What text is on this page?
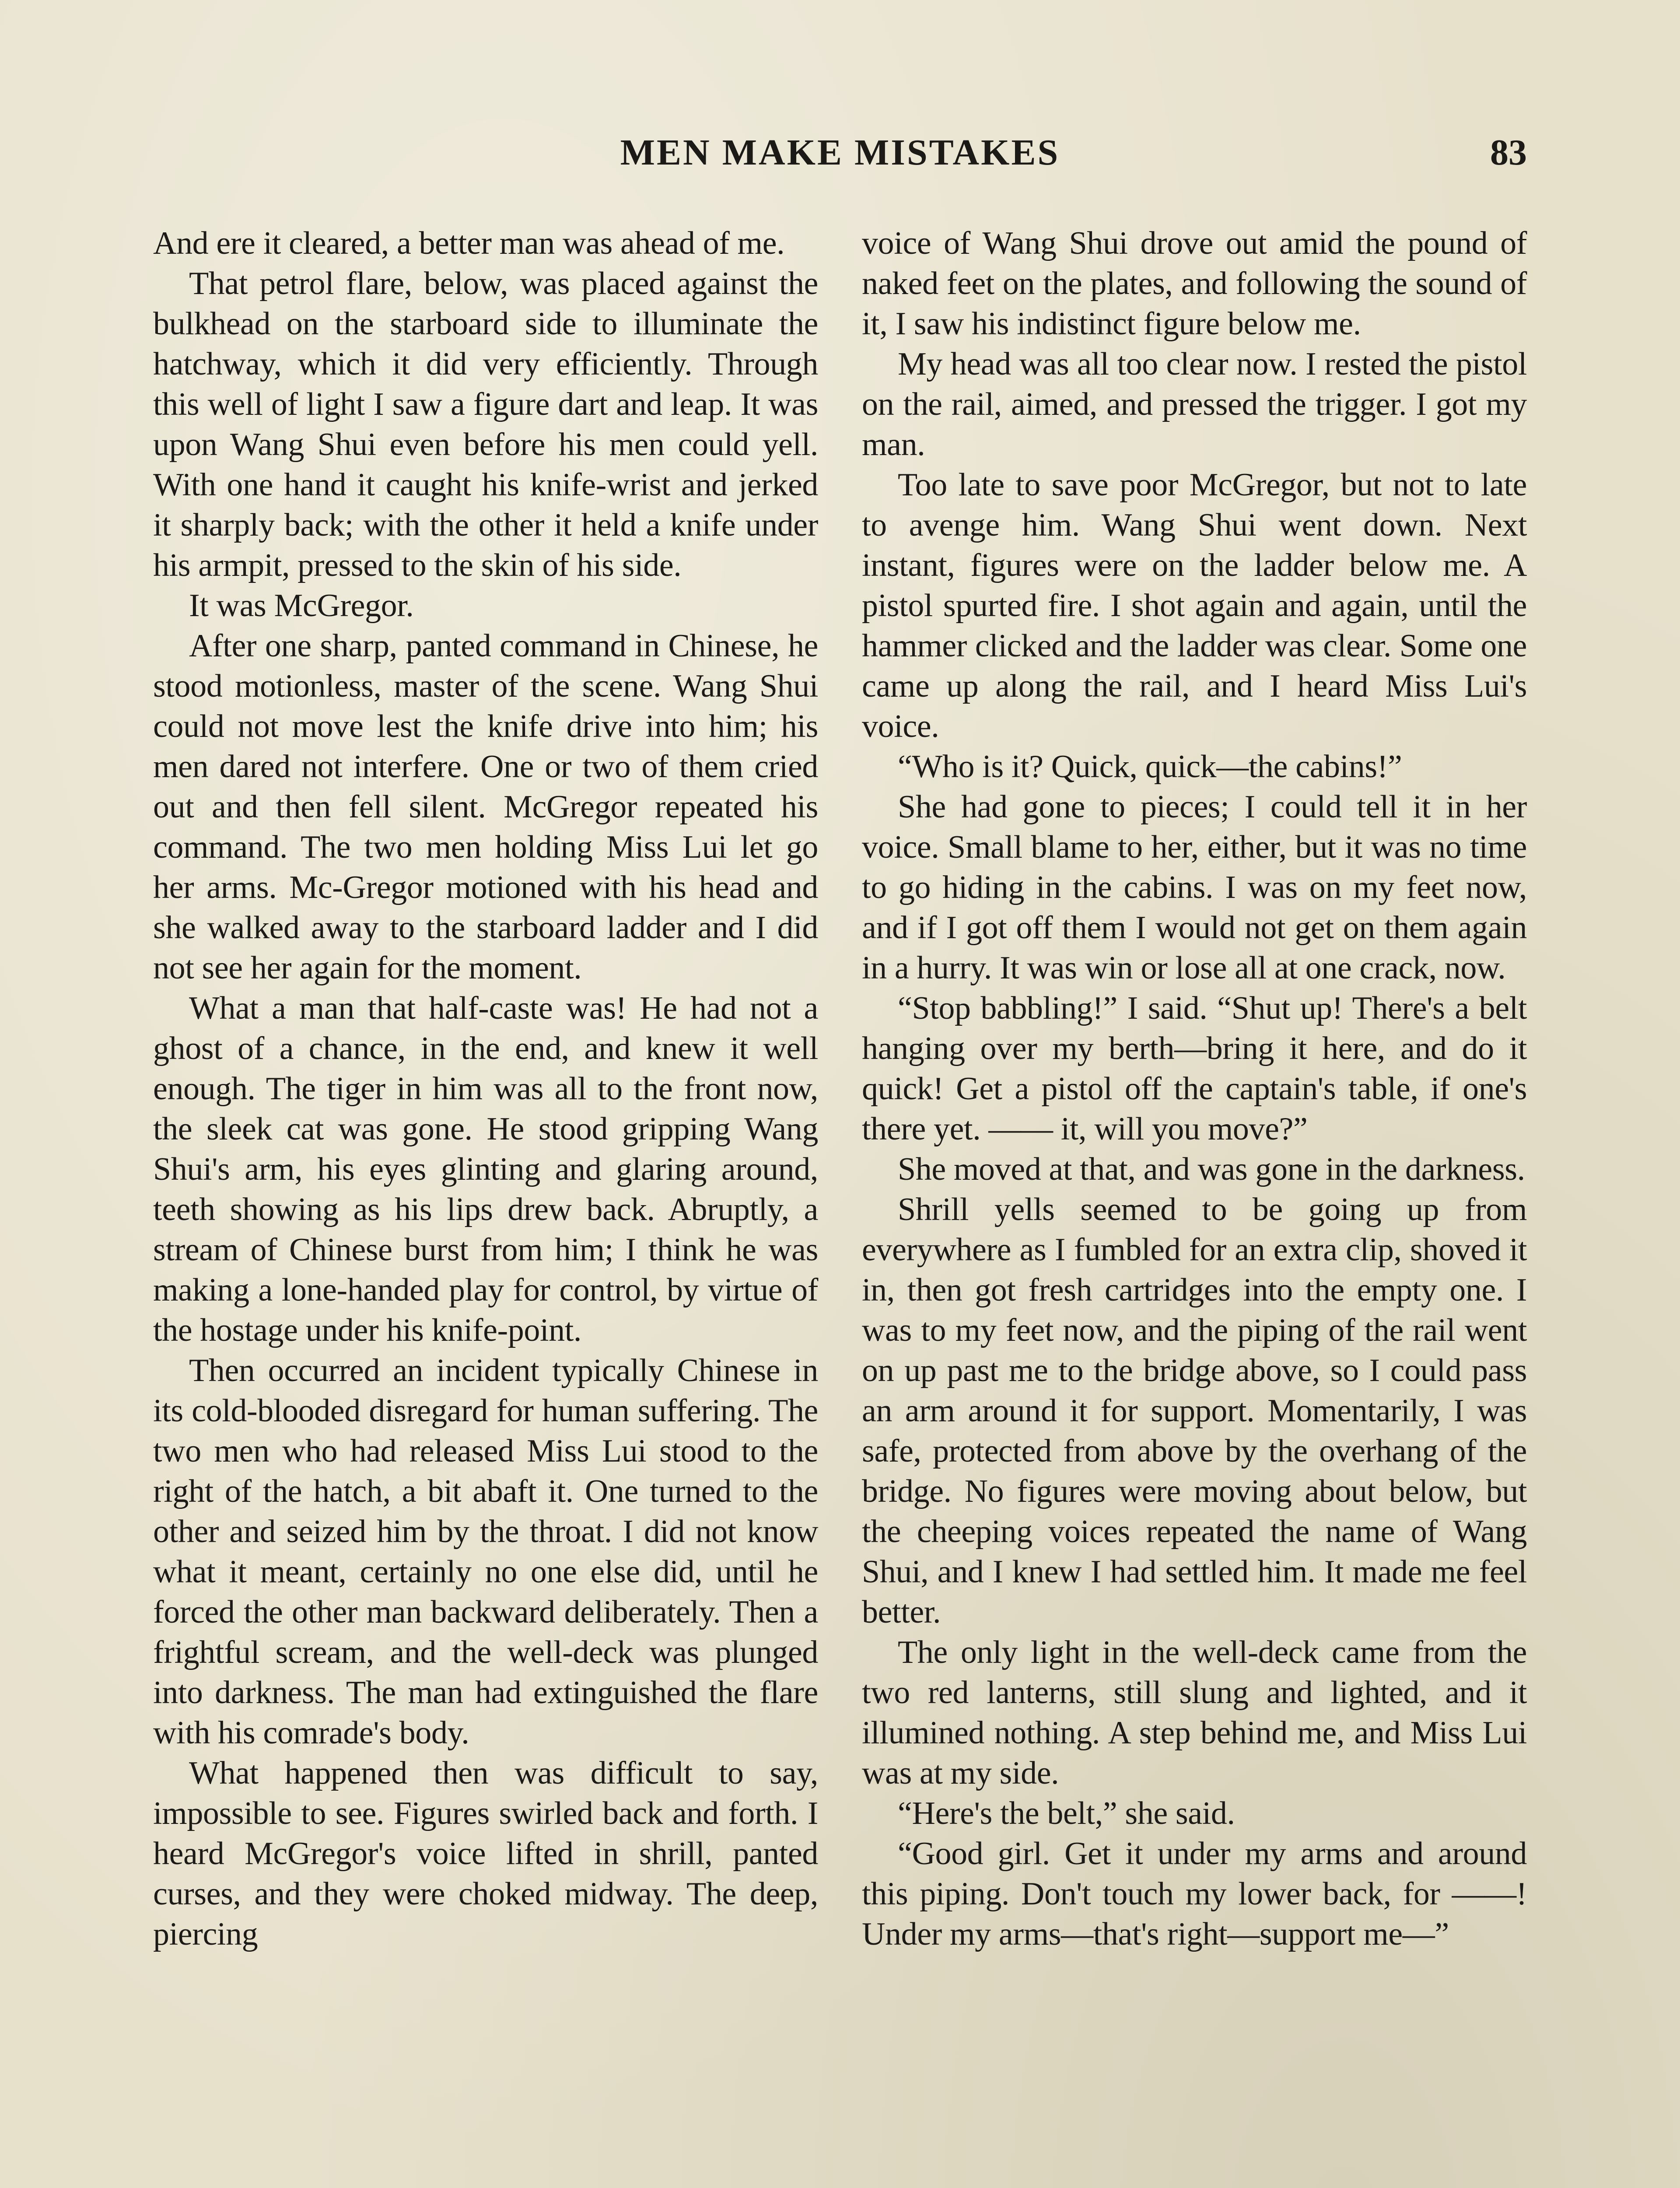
MEN MAKE MISTAKES	83

And ere it cleared, a better man was ahead of me.

That petrol flare, below, was placed against the bulkhead on the starboard side to illuminate the hatchway, which it did very efficiently. Through this well of light I saw a figure dart and leap. It was upon Wang Shui even before his men could yell. With one hand it caught his knife-wrist and jerked it sharply back; with the other it held a knife under his armpit, pressed to the skin of his side.

It was McGregor.

After one sharp, panted command in Chinese, he stood motionless, master of the scene. Wang Shui could not move lest the knife drive into him; his men dared not interfere. One or two of them cried out and then fell silent. McGregor repeated his command. The two men holding Miss Lui let go her arms. Mc-Gregor motioned with his head and she walked away to the starboard ladder and I did not see her again for the moment.

What a man that half-caste was! He had not a ghost of a chance, in the end, and knew it well enough. The tiger in him was all to the front now, the sleek cat was gone. He stood gripping Wang Shui's arm, his eyes glinting and glaring around, teeth showing as his lips drew back. Abruptly, a stream of Chinese burst from him; I think he was making a lone-handed play for control, by virtue of the hostage under his knife-point.

Then occurred an incident typically Chinese in its cold-blooded disregard for human suffering. The two men who had released Miss Lui stood to the right of the hatch, a bit abaft it. One turned to the other and seized him by the throat. I did not know what it meant, certainly no one else did, until he forced the other man backward deliberately. Then a frightful scream, and the well-deck was plunged into darkness. The man had extinguished the flare with his comrade's body.

What happened then was difficult to say, impossible to see. Figures swirled back and forth. I heard McGregor's voice lifted in shrill, panted curses, and they were choked midway. The deep, piercing

voice of Wang Shui drove out amid the pound of naked feet on the plates, and following the sound of it, I saw his indistinct figure below me.

My head was all too clear now. I rested the pistol on the rail, aimed, and pressed the trigger. I got my man.

Too late to save poor McGregor, but not to late to avenge him. Wang Shui went down. Next instant, figures were on the ladder below me. A pistol spurted fire. I shot again and again, until the hammer clicked and the ladder was clear. Some one came up along the rail, and I heard Miss Lui's voice.

“Who is it? Quick, quick—the cabins!”

She had gone to pieces; I could tell it in her voice. Small blame to her, either, but it was no time to go hiding in the cabins. I was on my feet now, and if I got off them I would not get on them again in a hurry. It was win or lose all at one crack, now.

“Stop babbling!” I said. “Shut up! There's a belt hanging over my berth—bring it here, and do it quick! Get a pistol off the captain's table, if one's there yet. —— it, will you move?”

She moved at that, and was gone in the darkness.

Shrill yells seemed to be going up from everywhere as I fumbled for an extra clip, shoved it in, then got fresh cartridges into the empty one. I was to my feet now, and the piping of the rail went on up past me to the bridge above, so I could pass an arm around it for support. Momentarily, I was safe, protected from above by the overhang of the bridge. No figures were moving about below, but the cheeping voices repeated the name of Wang Shui, and I knew I had settled him. It made me feel better.

The only light in the well-deck came from the two red lanterns, still slung and lighted, and it illumined nothing. A step behind me, and Miss Lui was at my side.

“Here's the belt,” she said.

“Good girl. Get it under my arms and around this piping. Don't touch my lower back, for ——! Under my arms—that's right—support me—”
